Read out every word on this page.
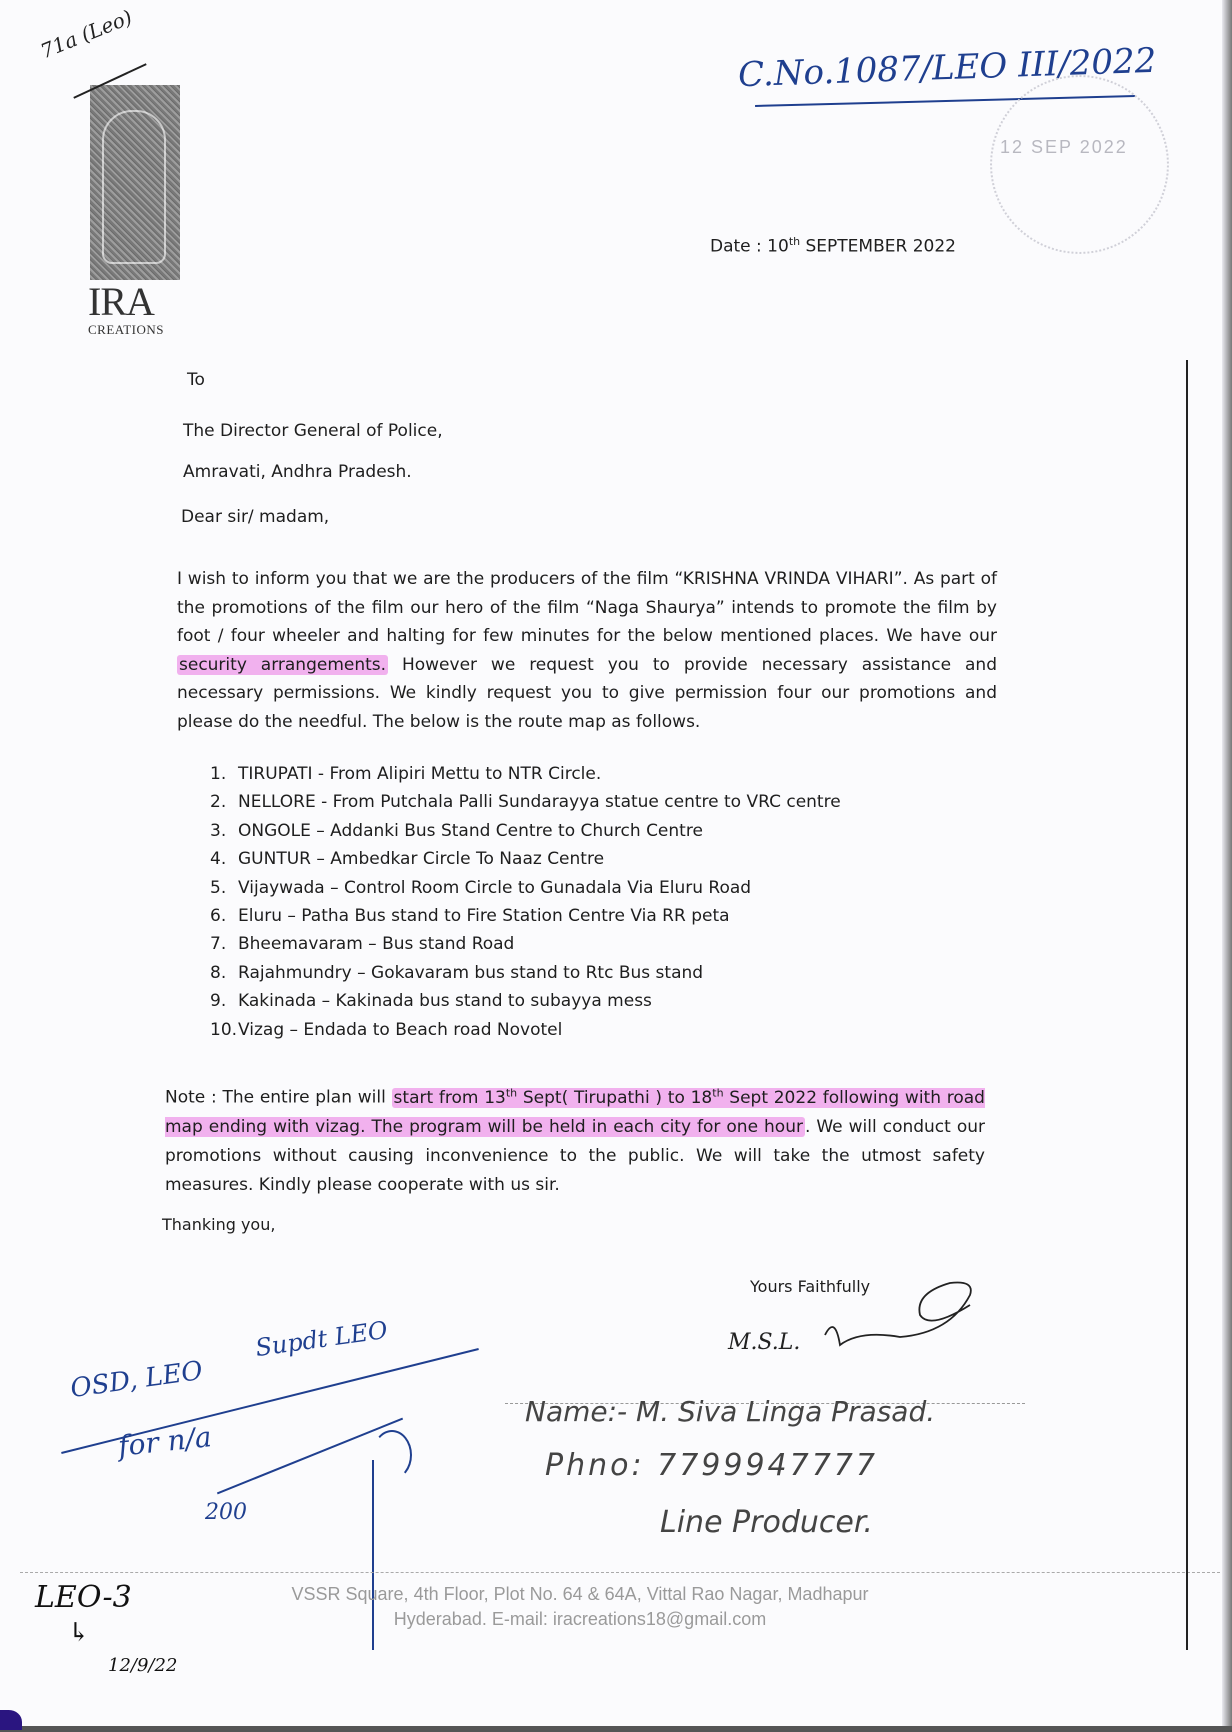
IRA
CREATIONS
71a (Leo)
C.No.1087/LEO III/2022
12 SEP 2022
Date : 10th SEPTEMBER 2022
To
The Director General of Police,
Amravati, Andhra Pradesh.
Dear sir/ madam,
I wish to inform you that we are the producers of the film “KRISHNA VRINDA VIHARI”. As part of the promotions of the film our hero of the film “Naga Shaurya” intends to promote the film by foot / four wheeler and halting for few minutes for the below mentioned places. We have our security arrangements. However we request you to provide necessary assistance and necessary permissions. We kindly request you to give permission four our promotions and please do the needful. The below is the route map as follows.
1. TIRUPATI - From Alipiri Mettu to NTR Circle.
2. NELLORE - From Putchala Palli Sundarayya statue centre to VRC centre
3. ONGOLE – Addanki Bus Stand Centre to Church Centre
4. GUNTUR – Ambedkar Circle To Naaz Centre
5. Vijaywada – Control Room Circle to Gunadala Via Eluru Road
6. Eluru – Patha Bus stand to Fire Station Centre Via RR peta
7. Bheemavaram – Bus stand Road
8. Rajahmundry – Gokavaram bus stand to Rtc Bus stand
9. Kakinada – Kakinada bus stand to subayya mess
10.Vizag – Endada to Beach road Novotel
Note : The entire plan will start from 13th Sept( Tirupathi ) to 18th Sept 2022 following with road map ending with vizag. The program will be held in each city for one hour . We will conduct our promotions without causing inconvenience to the public. We will take the utmost safety measures. Kindly please cooperate with us sir.
Thanking you,
Yours Faithfully
M.S.L.
Name:- M. Siva Linga Prasad.
Phno: 7799947777
Line Producer.
OSD, LEO
Supdt LEO
for n/a
200
VSSR Square, 4th Floor, Plot No. 64 & 64A, Vittal Rao Nagar, Madhapur
Hyderabad. E-mail: iracreations18@gmail.com
LEO-3
↳
12/9/22
